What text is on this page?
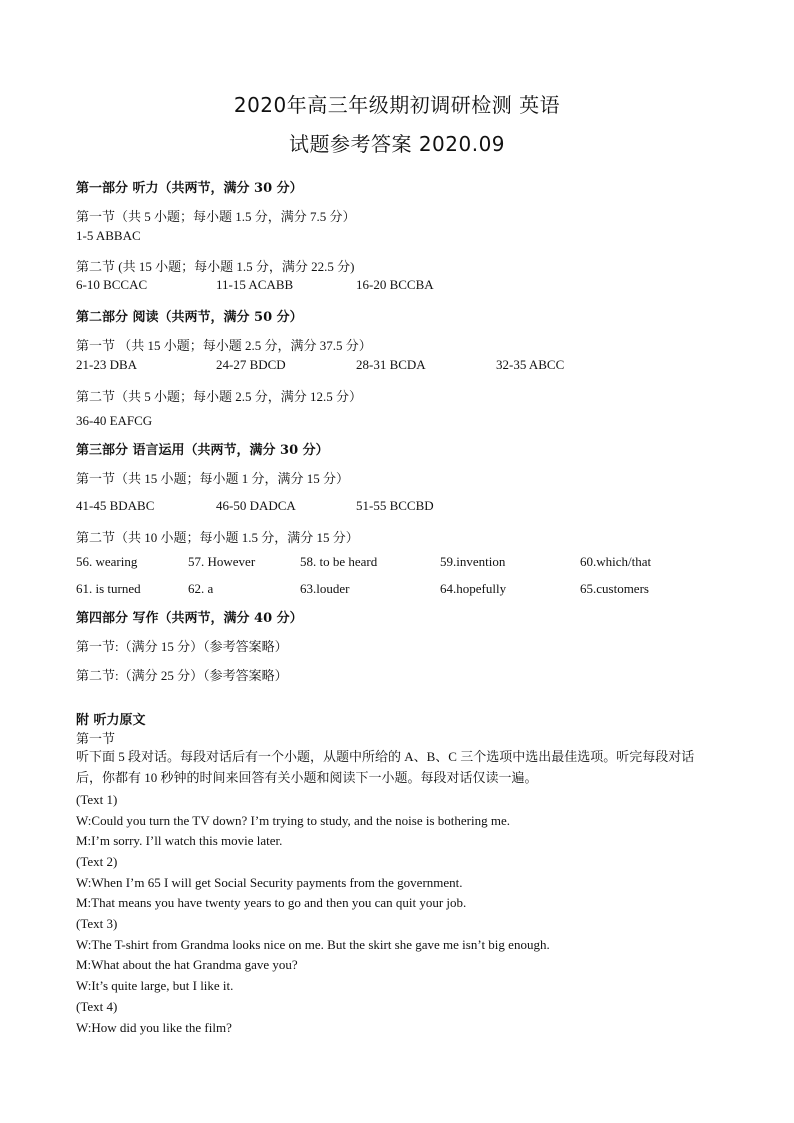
2020年高三年级期初调研检测 英语
试题参考答案 2020.09
第一部分 听力（共两节，满分 30 分）
第一节（共 5 小题；每小题 1.5 分，满分 7.5 分）
1-5 ABBAC
第二节 (共 15 小题；每小题 1.5 分，满分 22.5 分)
6-10 BCCAC	11-15 ACABB	16-20 BCCBA
第二部分 阅读（共两节，满分 50 分）
第一节 （共 15 小题；每小题 2.5 分，满分 37.5 分）
21-23 DBA	24-27 BDCD	28-31 BCDA	32-35 ABCC
第二节（共 5 小题；每小题 2.5 分，满分 12.5 分）
36-40 EAFCG
第三部分 语言运用（共两节，满分 30 分）
第一节（共 15 小题；每小题 1 分，满分 15 分）
41-45 BDABC	46-50 DADCA	51-55 BCCBD
第二节（共 10 小题；每小题 1.5 分，满分 15 分）
56. wearing	57. However	58. to be heard	59.invention	60.which/that
61. is turned	62. a	63.louder	64.hopefully	65.customers
第四部分 写作（共两节，满分 40 分）
第一节:（满分 15 分）（参考答案略）
第二节:（满分 25 分）（参考答案略）
附 听力原文
第一节
听下面 5 段对话。每段对话后有一个小题，从题中所给的 A、B、C 三个选项中选出最佳选项。听完每段对话后，你都有 10 秒钟的时间来回答有关小题和阅读下一小题。每段对话仅读一遍。
(Text 1)
W:Could you turn the TV down? I’m trying to study, and the noise is bothering me.
M:I’m sorry. I’ll watch this movie later.
(Text 2)
W:When I’m 65 I will get Social Security payments from the government.
M:That means you have twenty years to go and then you can quit your job.
(Text 3)
W:The T-shirt from Grandma looks nice on me. But the skirt she gave me isn’t big enough.
M:What about the hat Grandma gave you?
W:It’s quite large, but I like it.
(Text 4)
W:How did you like the film?
